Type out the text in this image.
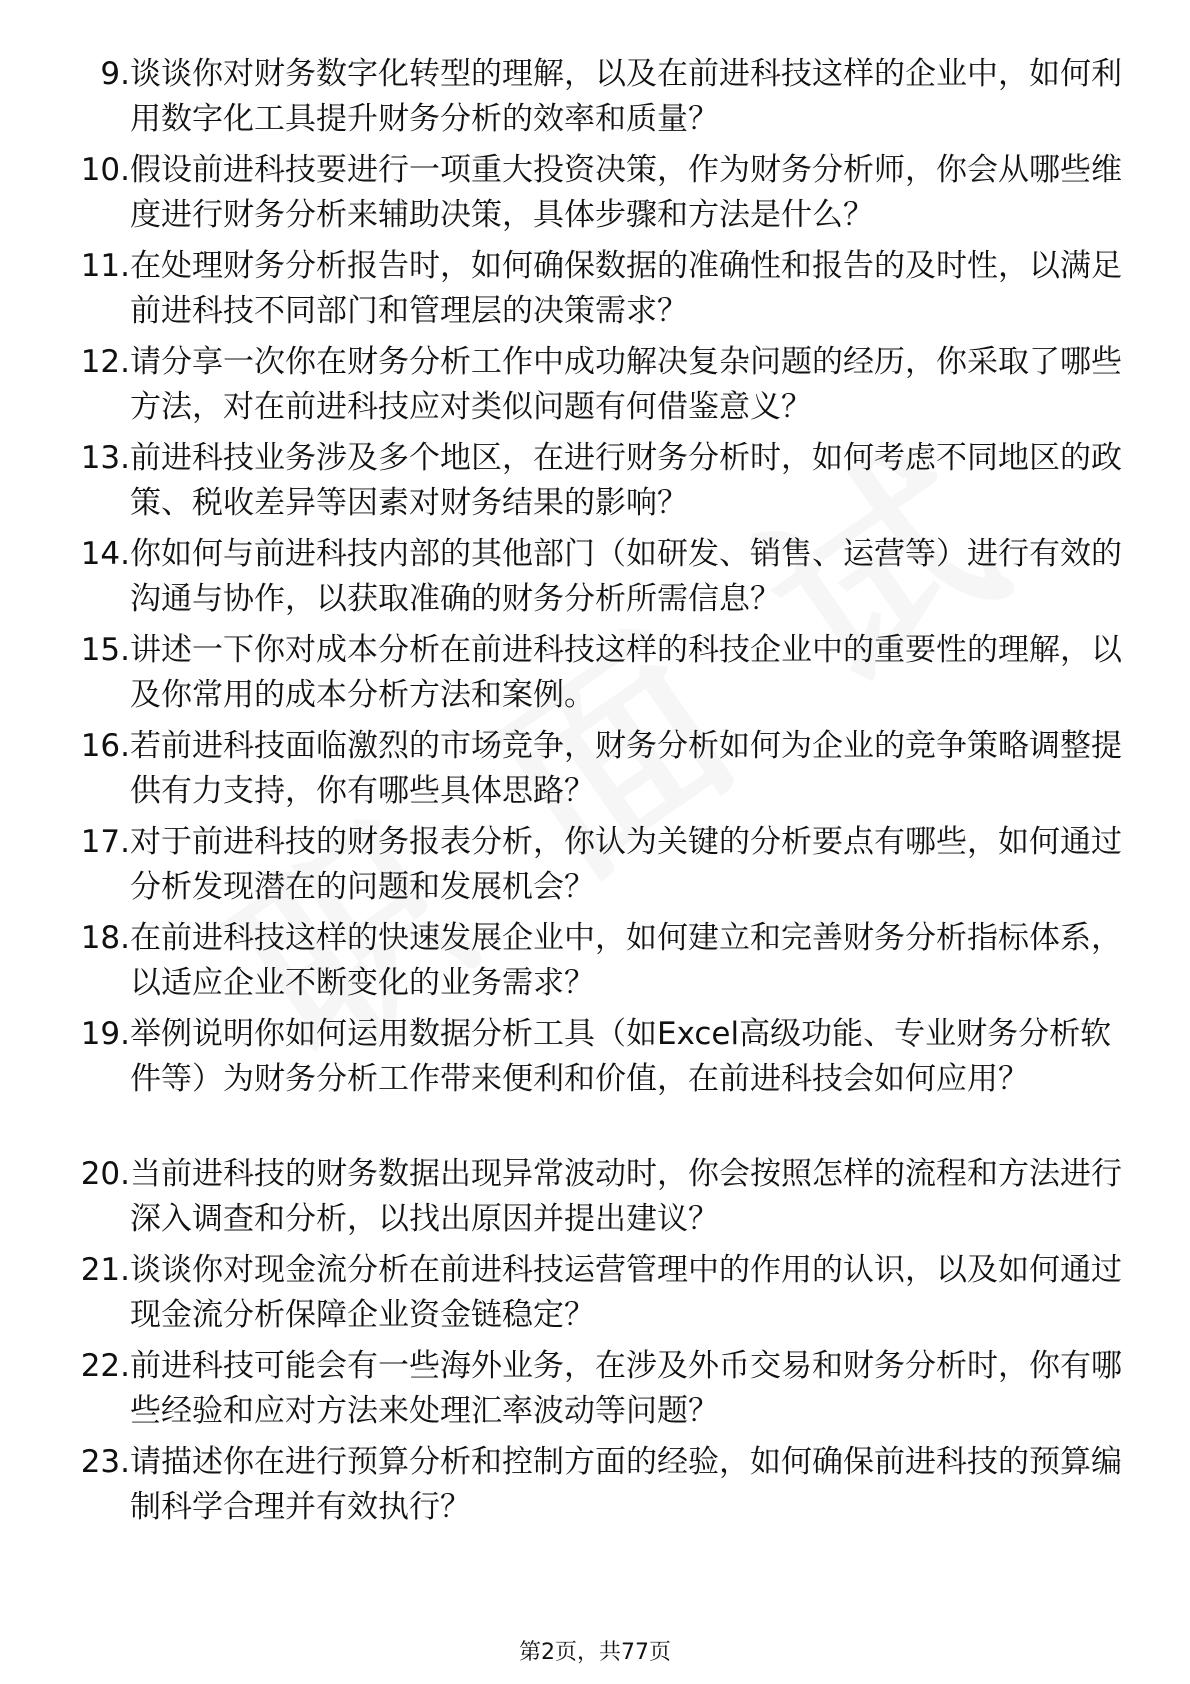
9. 谈谈你对财务数字化转型的理解，以及在前进科技这样的企业中，如何利用数字化工具提升财务分析的效率和质量？
10. 假设前进科技要进行一项重大投资决策，作为财务分析师，你会从哪些维度进行财务分析来辅助决策，具体步骤和方法是什么？
11. 在处理财务分析报告时，如何确保数据的准确性和报告的及时性，以满足前进科技不同部门和管理层的决策需求？
12. 请分享一次你在财务分析工作中成功解决复杂问题的经历，你采取了哪些方法，对在前进科技应对类似问题有何借鉴意义？
13. 前进科技业务涉及多个地区，在进行财务分析时，如何考虑不同地区的政策、税收差异等因素对财务结果的影响？
14. 你如何与前进科技内部的其他部门（如研发、销售、运营等）进行有效的沟通与协作，以获取准确的财务分析所需信息？
15. 讲述一下你对成本分析在前进科技这样的科技企业中的重要性的理解，以及你常用的成本分析方法和案例。
16. 若前进科技面临激烈的市场竞争，财务分析如何为企业的竞争策略调整提供有力支持，你有哪些具体思路？
17. 对于前进科技的财务报表分析，你认为关键的分析要点有哪些，如何通过分析发现潜在的问题和发展机会？
18. 在前进科技这样的快速发展企业中，如何建立和完善财务分析指标体系，以适应企业不断变化的业务需求？
19. 举例说明你如何运用数据分析工具（如Excel高级功能、专业财务分析软件等）为财务分析工作带来便利和价值，在前进科技会如何应用？
20. 当前进科技的财务数据出现异常波动时，你会按照怎样的流程和方法进行深入调查和分析，以找出原因并提出建议？
21. 谈谈你对现金流分析在前进科技运营管理中的作用的认识，以及如何通过现金流分析保障企业资金链稳定？
22. 前进科技可能会有一些海外业务，在涉及外币交易和财务分析时，你有哪些经验和应对方法来处理汇率波动等问题？
23. 请描述你在进行预算分析和控制方面的经验，如何确保前进科技的预算编制科学合理并有效执行？
第2页，共77页
